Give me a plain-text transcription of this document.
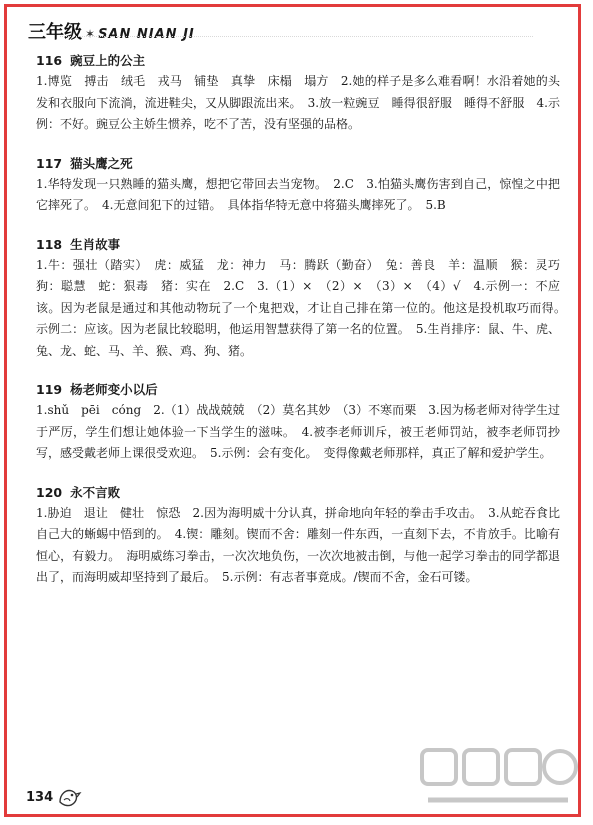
三年级 ✶ SAN NIAN JI
116 豌豆上的公主

1.博览　搏击　绒毛　戎马　铺垫　真挚　床榻　塌方　2.她的样子是多么难看啊！水沿着她的头发和衣服向下流淌，流进鞋尖，又从脚跟流出来。　3.放一粒豌豆　睡得很舒服　睡得不舒服　4.示例：不好。豌豆公主娇生惯养，吃不了苦，没有坚强的品格。

117 猫头鹰之死

1.华特发现一只熟睡的猫头鹰，想把它带回去当宠物。　2.C　3.怕猫头鹰伤害到自己，惊惶之中把它摔死了。　4.无意间犯下的过错。　具体指华特无意中将猫头鹰摔死了。　5.B

118 生肖故事

1.牛：强壮（踏实）　虎：威猛　龙：神力　马：腾跃（勤奋）　兔：善良　羊：温顺　猴：灵巧　狗：聪慧　蛇：狠毒　猪：实在　2.C　3.（1）×　（2）×　（3）×　（4）√　4.示例一：不应该。因为老鼠是通过和其他动物玩了一个鬼把戏，才让自己排在第一位的。他这是投机取巧而得。　示例二：应该。因为老鼠比较聪明，他运用智慧获得了第一名的位置。　5.生肖排序：鼠、牛、虎、兔、龙、蛇、马、羊、猴、鸡、狗、猪。

119 杨老师变小以后

1.shǔ　pēi　cóng　2.（1）战战兢兢　（2）莫名其妙　（3）不寒而栗　3.因为杨老师对待学生过于严厉，学生们想让她体验一下当学生的滋味。　4.被李老师训斥，被王老师罚站，被李老师罚抄写，感受戴老师上课很受欢迎。　5.示例：会有变化。　变得像戴老师那样，真正了解和爱护学生。

120 永不言败

1.胁迫　退让　健壮　惊恐　2.因为海明威十分认真，拼命地向年轻的拳击手攻击。　3.从蛇吞食比自己大的蜥蜴中悟到的。　4.锲：雕刻。锲而不舍：雕刻一件东西，一直刻下去，不肯放手。比喻有恒心，有毅力。　海明威练习拳击，一次次地负伤，一次次地被击倒，与他一起学习拳击的同学都退出了，而海明威却坚持到了最后。　5.示例：有志者事竟成。/锲而不舍，金石可镂。

134
